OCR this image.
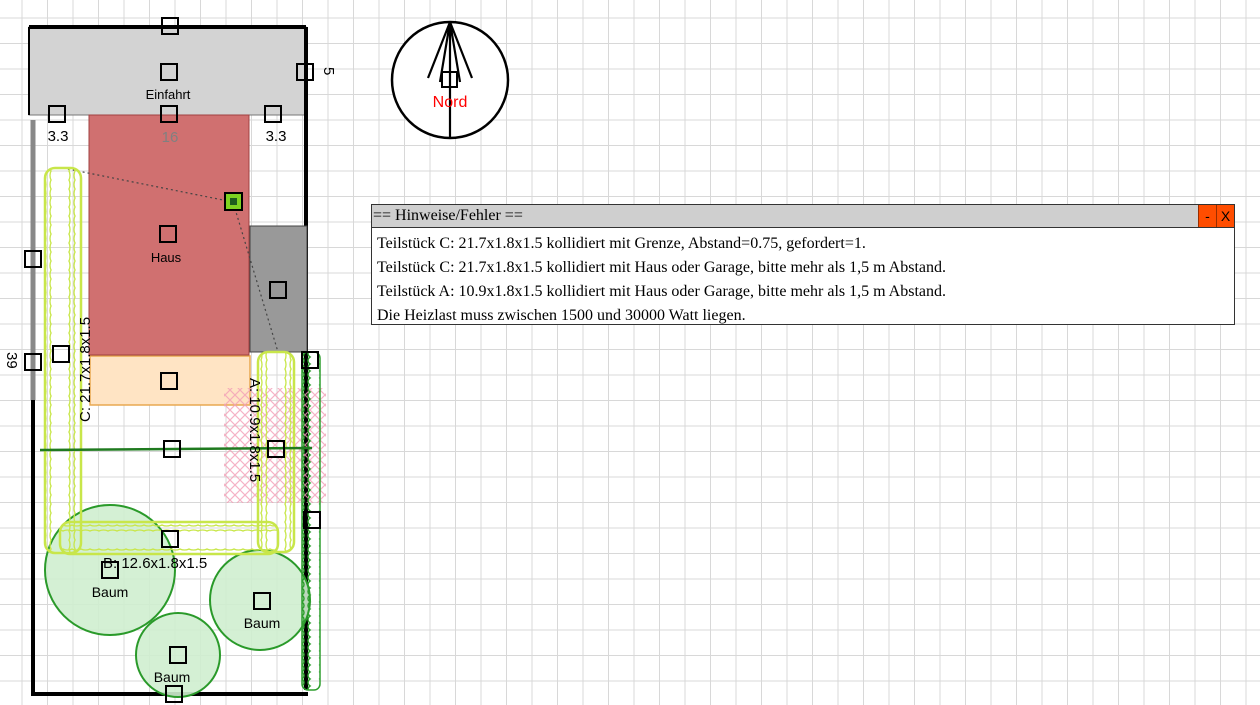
Einfahrt
Haus
16
Baum
Baum
Baum
C: 21.7x1.8x1.5
A: 10.9x1.8x1.5
B: 12.6x1.8x1.5
5
3.3	3.3
39
Nord
== Hinweise/Fehler ==	- X
Teilstück C: 21.7x1.8x1.5 kollidiert mit Grenze, Abstand=0.75, gefordert=1.
Teilstück C: 21.7x1.8x1.5 kollidiert mit Haus oder Garage, bitte mehr als 1,5 m Abstand.
Teilstück A: 10.9x1.8x1.5 kollidiert mit Haus oder Garage, bitte mehr als 1,5 m Abstand.
Die Heizlast muss zwischen 1500 und 30000 Watt liegen.
